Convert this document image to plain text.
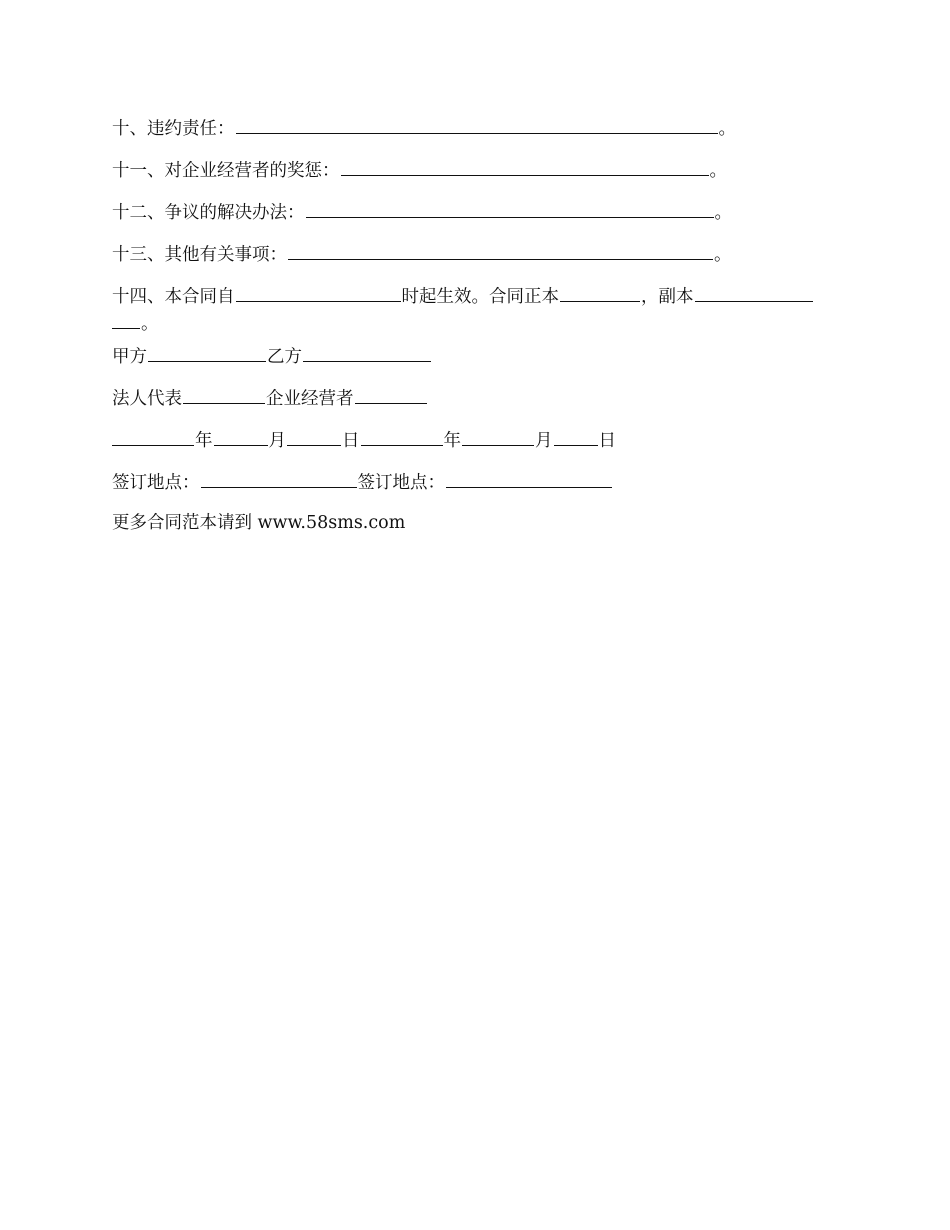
十、违约责任：	。

十一、对企业经营者的奖惩：	。

十二、争议的解决办法：	。

十三、其他有关事项：	。

十四、本合同自	时起生效。合同正本	，副本
。

甲方	乙方

法人代表	企业经营者

年	月	日	年	月	日

签订地点：	签订地点：

更多合同范本请到 www.58sms.com
